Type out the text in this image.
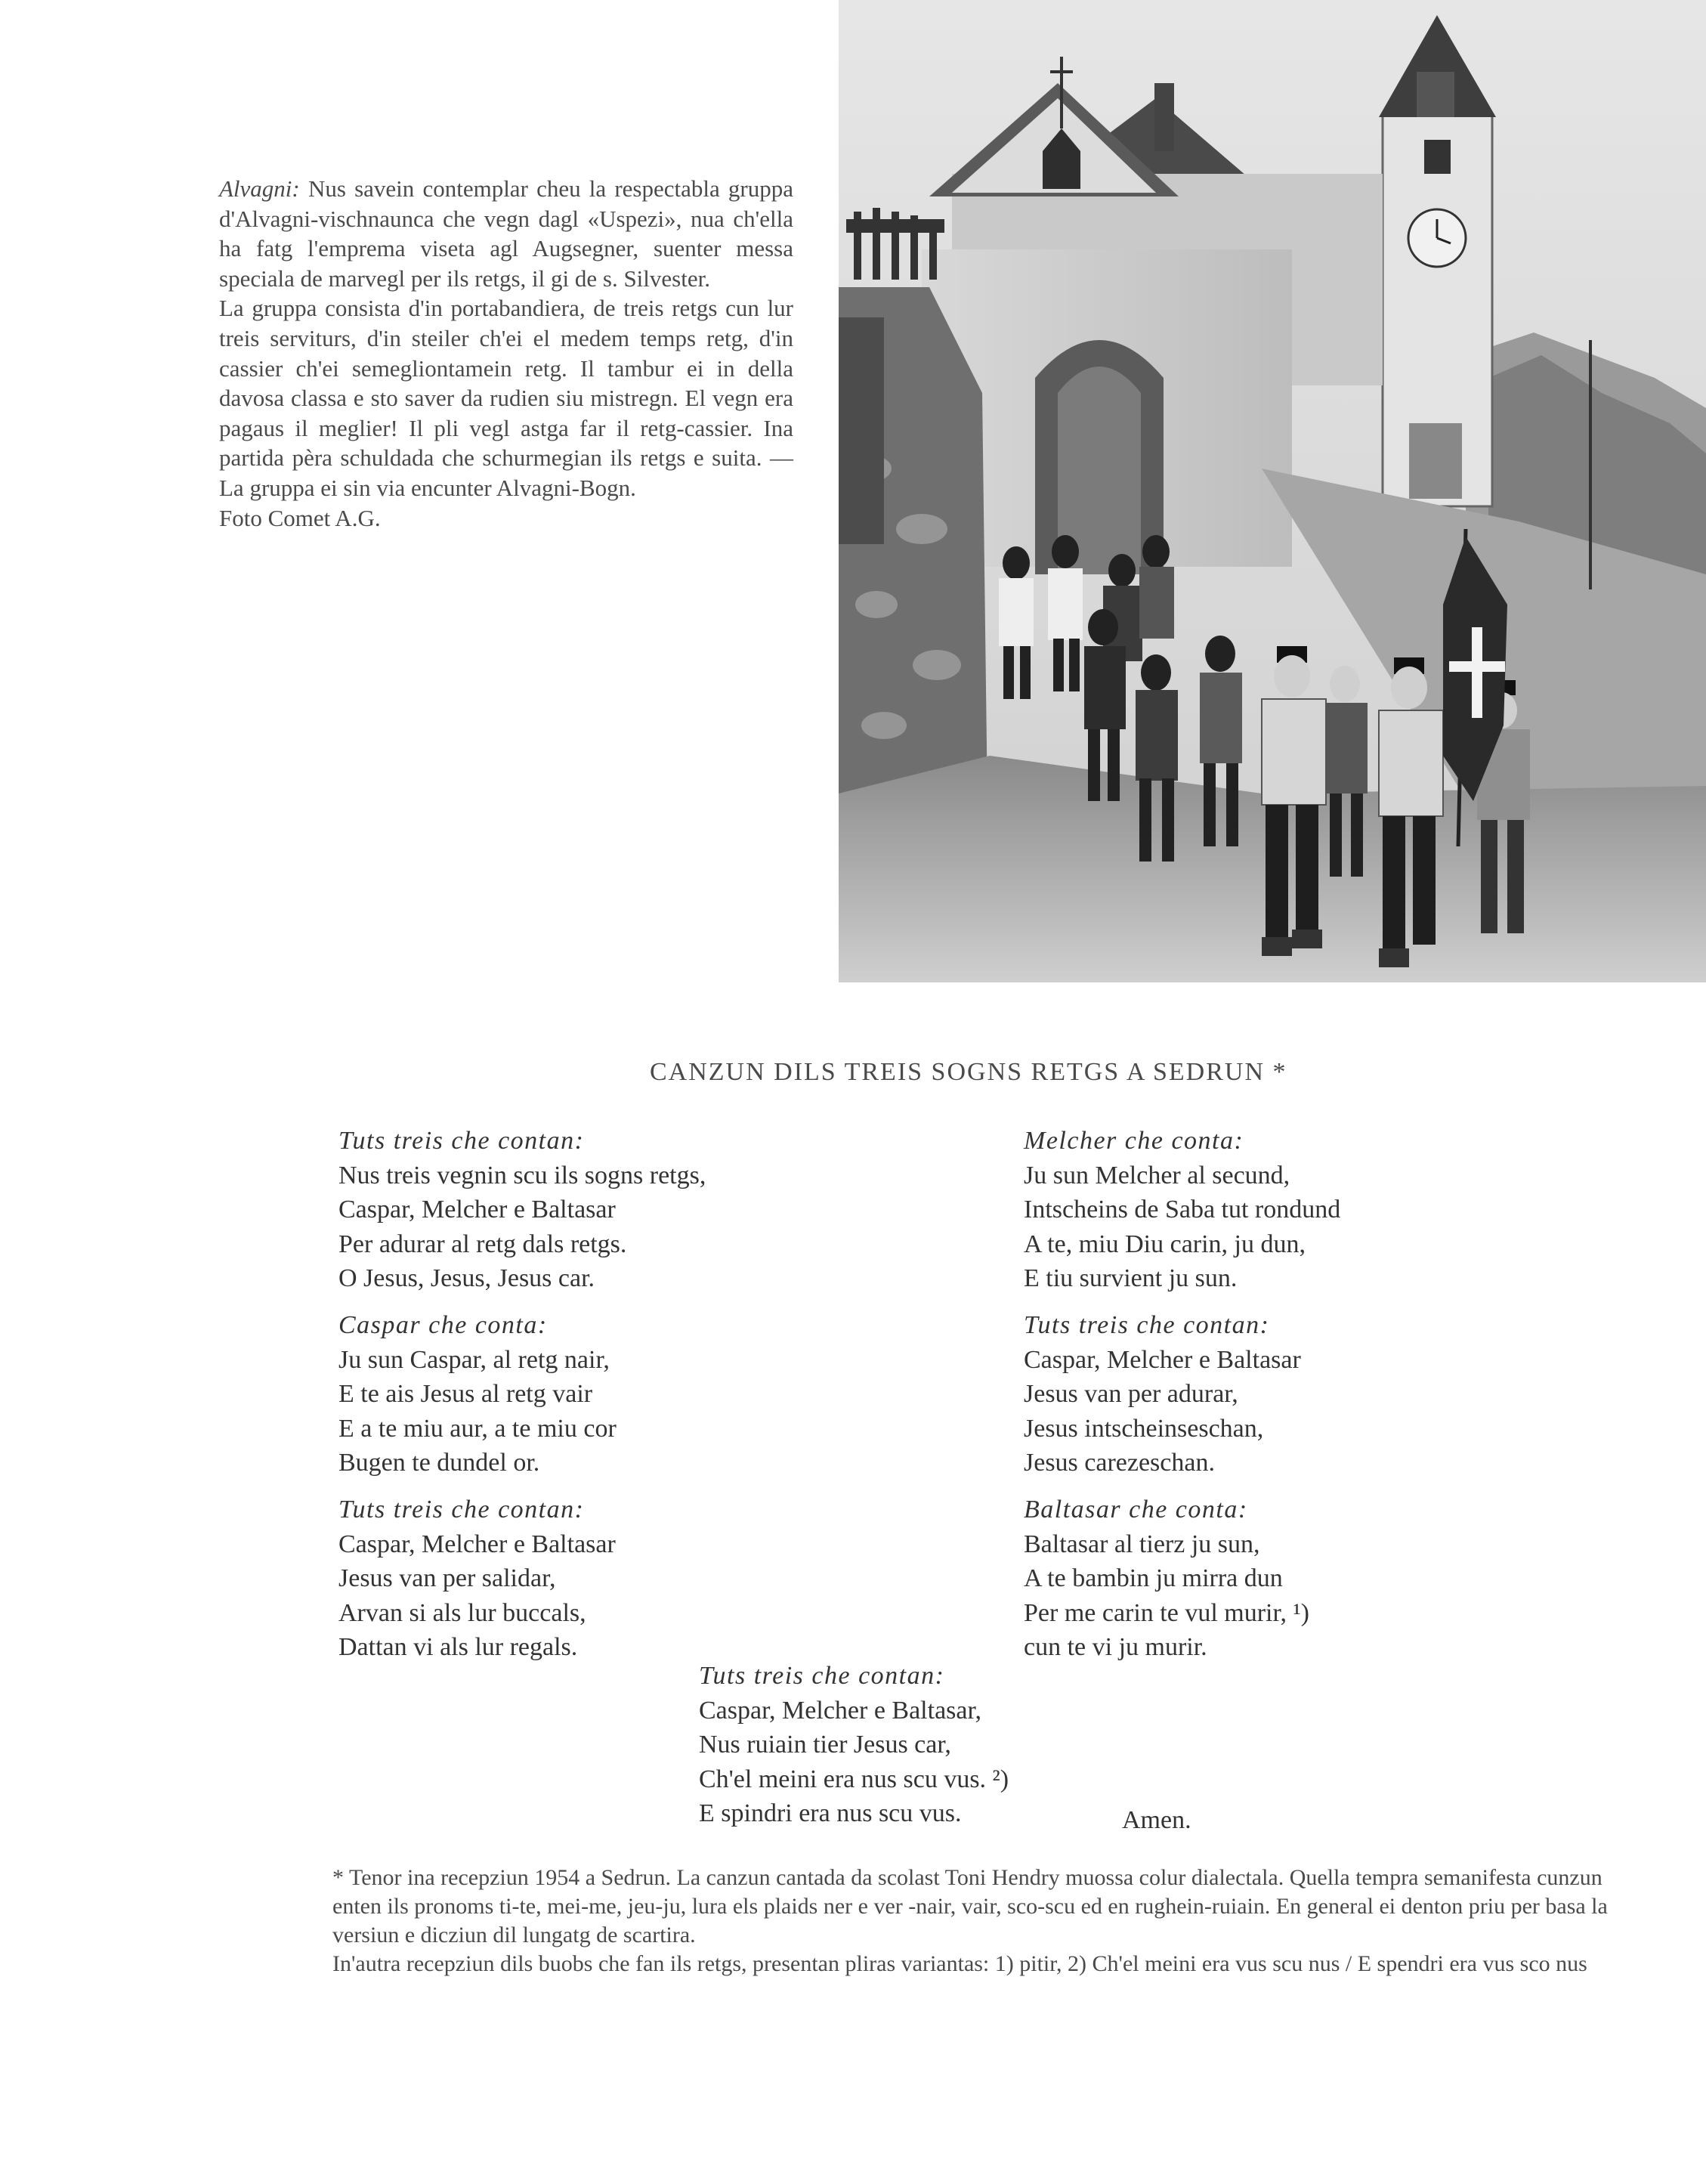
Alvagni: Nus savein contemplar cheu la respectabla gruppa d'Alvagni-vischnaunca che vegn dagl «Uspezi», nua ch'ella ha fatg l'emprema viseta agl Augsegner, suenter messa speciala de marvegl per ils retgs, il gi de s. Silvester.

La gruppa consista d'in portabandiera, de treis retgs cun lur treis serviturs, d'in steiler ch'ei el medem temps retg, d'in cassier ch'ei semegliontamein retg. Il tambur ei in della davosa classa e sto saver da rudien siu mistregn. El vegn era pagaus il meglier! Il pli vegl astga far il retg-cassier. Ina partida pèra schuldada che schurmegian ils retgs e suita. — La gruppa ei sin via encunter Alvagni-Bogn.

Foto Comet A.G.

CANZUN DILS TREIS SOGNS RETGS A SEDRUN *
Tuts treis che contan:
Nus treis vegnin scu ils sogns retgs,
Caspar, Melcher e Baltasar
Per adurar al retg dals retgs.
O Jesus, Jesus, Jesus car.
Caspar che conta:
Ju sun Caspar, al retg nair,
E te ais Jesus al retg vair
E a te miu aur, a te miu cor
Bugen te dundel or.
Tuts treis che contan:
Caspar, Melcher e Baltasar
Jesus van per salidar,
Arvan si als lur buccals,
Dattan vi als lur regals.
Melcher che conta:
Ju sun Melcher al secund,
Intscheins de Saba tut rondund
A te, miu Diu carin, ju dun,
E tiu survient ju sun.
Tuts treis che contan:
Caspar, Melcher e Baltasar
Jesus van per adurar,
Jesus intscheinseschan,
Jesus carezeschan.
Baltasar che conta:
Baltasar al tierz ju sun,
A te bambin ju mirra dun
Per me carin te vul murir, ¹)
cun te vi ju murir.
Tuts treis che contan:
Caspar, Melcher e Baltasar,
Nus ruiain tier Jesus car,
Ch'el meini era nus scu vus. ²)
E spindri era nus scu vus.	Amen.

* Tenor ina recepziun 1954 a Sedrun. La canzun cantada da scolast Toni Hendry muossa colur dialectala. Quella tempra semanifesta cunzun enten ils pronoms ti-te, mei-me, jeu-ju, lura els plaids ner e ver -nair, vair, sco-scu ed en rughein-ruiain. En general ei denton priu per basa la versiun e dicziun dil lungatg de scartira.

In'autra recepziun dils buobs che fan ils retgs, presentan pliras variantas: 1) pitir, 2) Ch'el meini era vus scu nus / E spendri era vus sco nus
